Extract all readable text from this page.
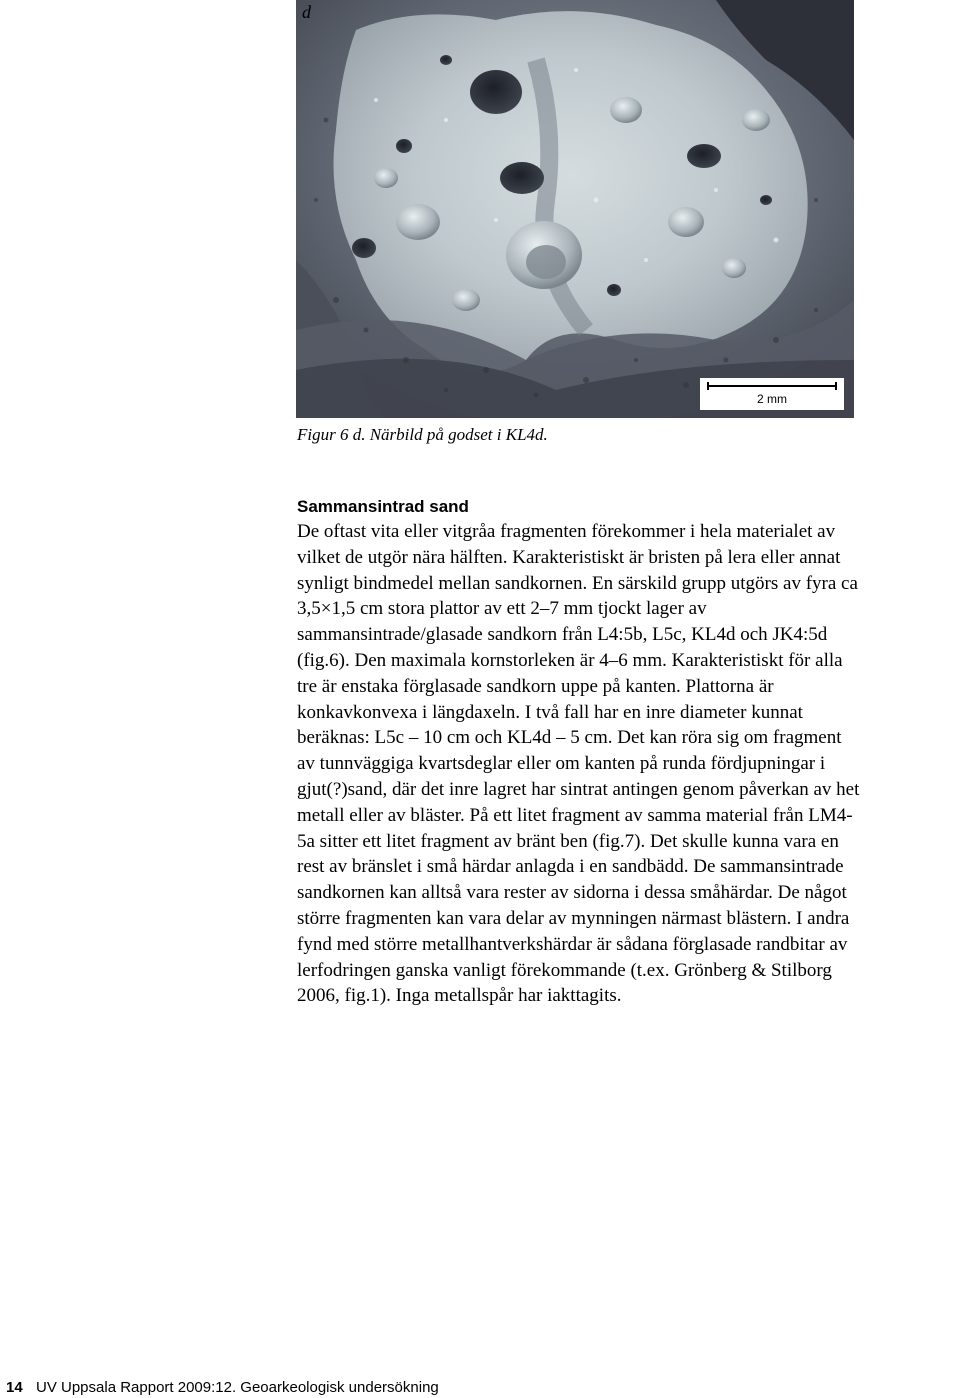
2 mm
d
Figur 6 d. Närbild på godset i KL4d.
Sammansintrad sand

De oftast vita eller vitgråa fragmenten förekommer i hela materialet av
vilket de utgör nära hälften. Karakteristiskt är bristen på lera eller annat
synligt bindmedel mellan sandkornen. En särskild grupp utgörs av fyra ca
3,5×1,5 cm stora plattor av ett 2–7 mm tjockt lager av
sammansintrade/glasade sandkorn från L4:5b, L5c, KL4d och JK4:5d
(fig.6). Den maximala kornstorleken är 4–6 mm. Karakteristiskt för alla
tre är enstaka förglasade sandkorn uppe på kanten. Plattorna är
konkavkonvexa i längdaxeln. I två fall har en inre diameter kunnat
beräknas: L5c – 10 cm och KL4d – 5 cm. Det kan röra sig om fragment
av tunnväggiga kvartsdeglar eller om kanten på runda fördjupningar i
gjut(?)sand, där det inre lagret har sintrat antingen genom påverkan av het
metall eller av bläster. På ett litet fragment av samma material från LM4-
5a sitter ett litet fragment av bränt ben (fig.7). Det skulle kunna vara en
rest av bränslet i små härdar anlagda i en sandbädd. De sammansintrade
sandkornen kan alltså vara rester av sidorna i dessa småhärdar. De något
större fragmenten kan vara delar av mynningen närmast blästern. I andra
fynd med större metallhantverkshärdar är sådana förglasade randbitar av
lerfodringen ganska vanligt förekommande (t.ex. Grönberg & Stilborg
2006, fig.1). Inga metallspår har iakttagits.

14 UV Uppsala Rapport 2009:12. Geoarkeologisk undersökning
